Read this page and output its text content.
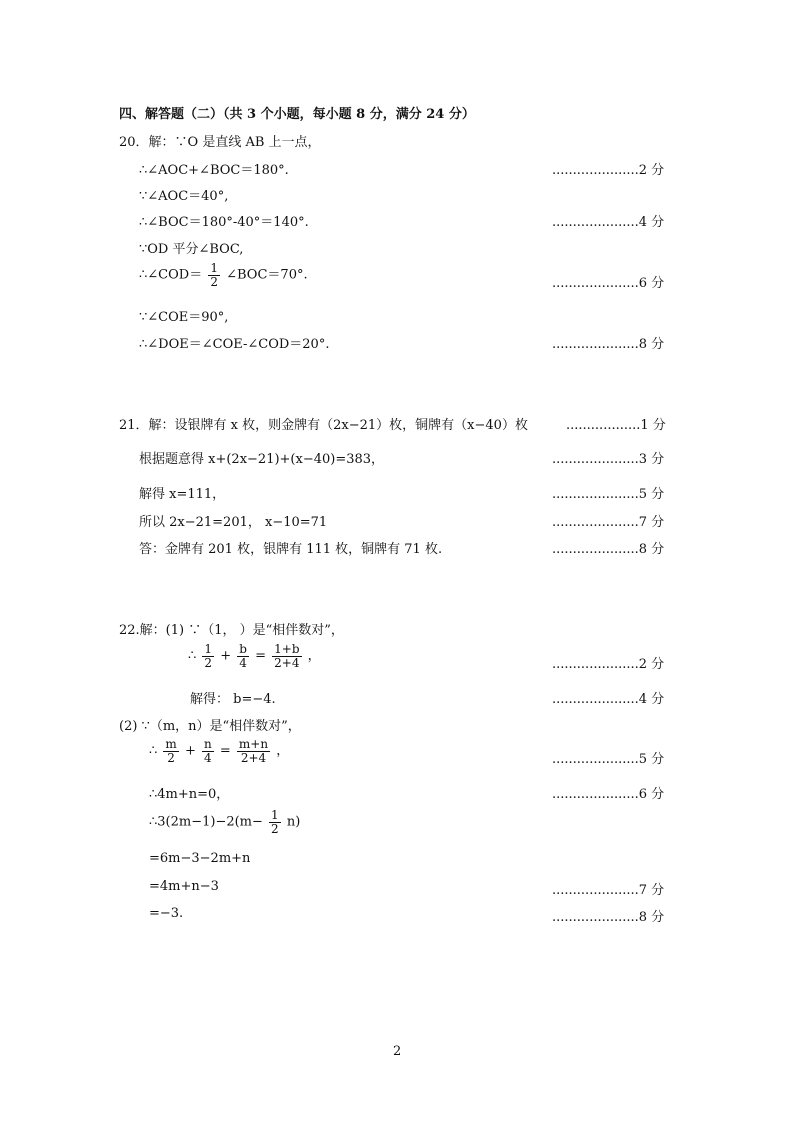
四、解答题（二）（共 3 个小题，每小题 8 分，满分 24 分）
20．解：∵O 是直线 AB 上一点，
∴∠AOC+∠BOC＝180°.	.....................2 分
∵∠AOC＝40°,
∴∠BOC＝180°-40°＝140°.	.....................4 分
∵OD 平分∠BOC,
∴∠COD＝ $\frac{1}{2}$ ∠BOC＝70°.
.....................6 分
∵∠COE＝90°,
∴∠DOE＝∠COE-∠COD＝20°.	.....................8 分
21．解：设银牌有 x 枚，则金牌有（2x−21）枚，铜牌有（x−40）枚	..................1 分
根据题意得 x+(2x−21)+(x−40)=383，	.....................3 分
解得 x=111，	.....................5 分
所以 2x−21=201， x−10=71	.....................7 分
答：金牌有 201 枚，银牌有 111 枚，铜牌有 71 枚.	.....................8 分
22.解：(1) ∵（1， ）是“相伴数对”，
∴ $\frac{1}{2} + \frac{b}{4} = \frac{1+b}{2+4}$ ，
.....................2 分
解得： b=−4.	.....................4 分
(2) ∵（m，n）是“相伴数对”，
∴ $\frac{m}{2} + \frac{n}{4} = \frac{m+n}{2+4}$ ，
.....................5 分
∴4m+n=0，	.....................6 分
∴3(2m−1)−2(m− $\frac{1}{2} n$)
=6m−3−2m+n
=4m+n−3	.....................7 分
=−3.	.....................8 分
2
